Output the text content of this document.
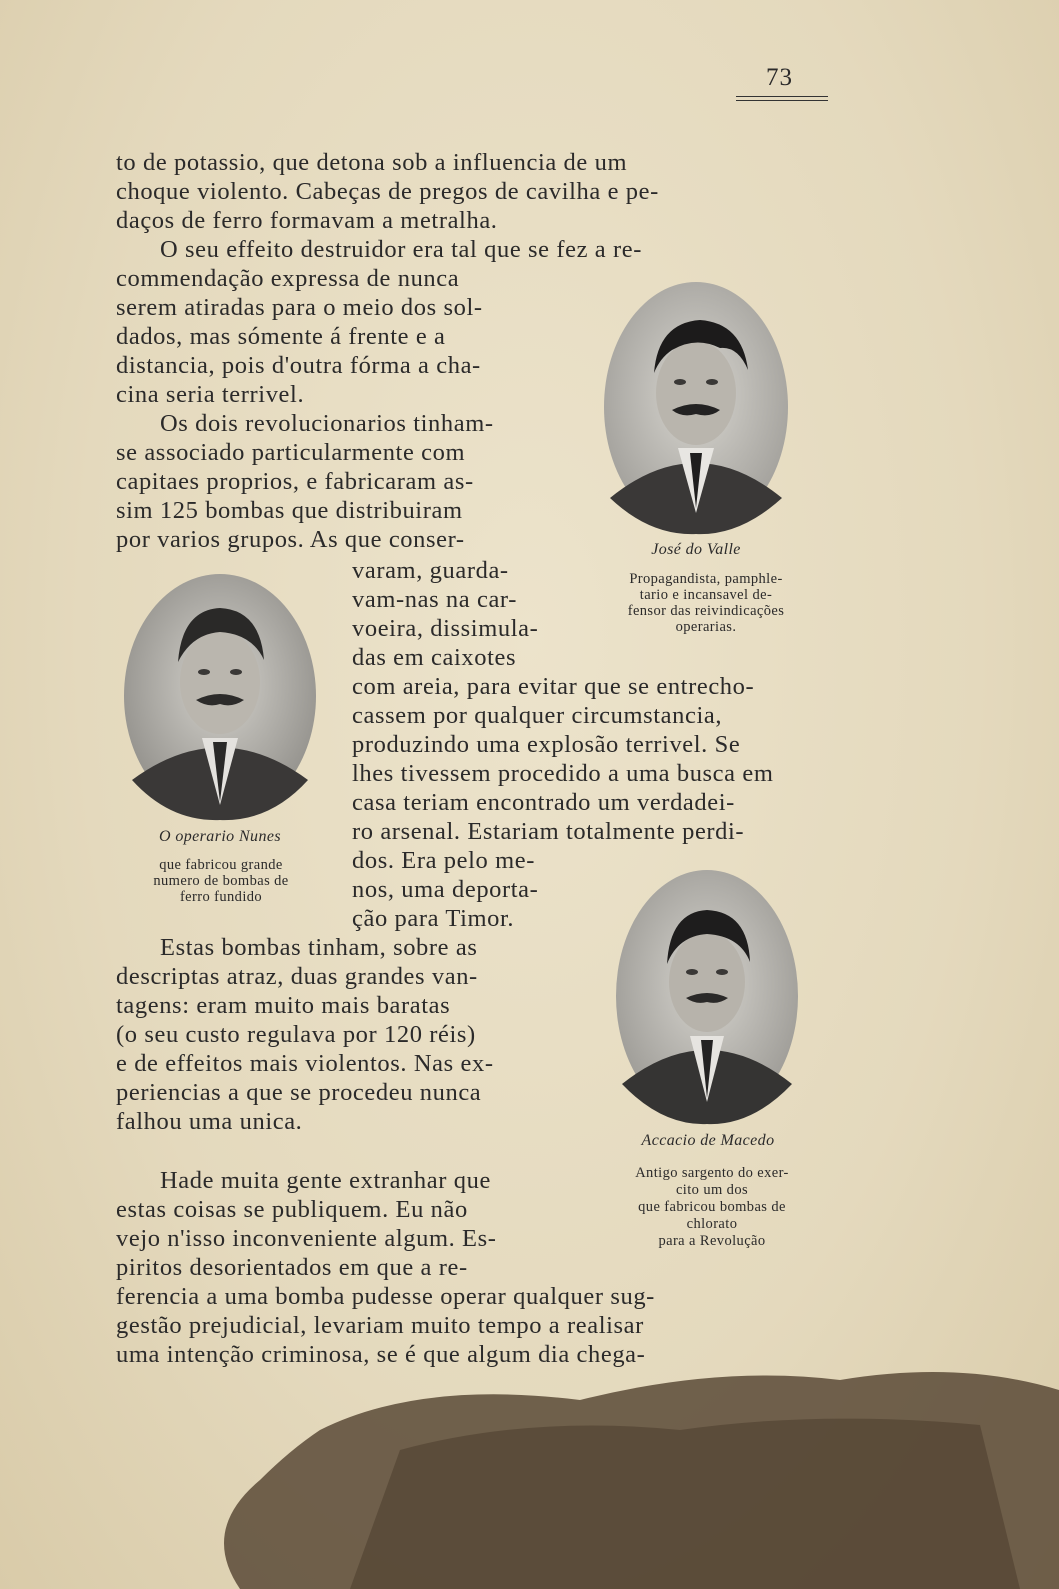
73
to de potassio, que detona sob a influencia de um
choque violento. Cabeças de pregos de cavilha e pe-
daços de ferro formavam a metralha.
O seu effeito destruidor era tal que se fez a re-
commendação expressa de nunca
serem atiradas para o meio dos sol-
dados, mas sómente á frente e a
distancia, pois d'outra fórma a cha-
cina seria terrivel.
Os dois revolucionarios tinham-
se associado particularmente com
capitaes proprios, e fabricaram as-
sim 125 bombas que distribuiram
por varios grupos. As que conser-
varam, guarda-
vam-nas na car-
voeira, dissimula-
das em caixotes
com areia, para evitar que se entrecho-
cassem por qualquer circumstancia,
produzindo uma explosão terrivel. Se
lhes tivessem procedido a uma busca em
casa teriam encontrado um verdadei-
ro arsenal. Estariam totalmente perdi-
dos. Era pelo me-
nos, uma deporta-
ção para Timor.
Estas bombas tinham, sobre as
descriptas atraz, duas grandes van-
tagens: eram muito mais baratas
(o seu custo regulava por 120 réis)
e de effeitos mais violentos. Nas ex-
periencias a que se procedeu nunca
falhou uma unica.
Hade muita gente extranhar que
estas coisas se publiquem. Eu não
vejo n'isso inconveniente algum. Es-
piritos desorientados em que a re-
ferencia a uma bomba pudesse operar qualquer sug-
gestão prejudicial, levariam muito tempo a realisar
uma intenção criminosa, se é que algum dia chega-
José do Valle
Propagandista, pamphle-
tario e incansavel de-
fensor das reivindicações
operarias.
O operario Nunes
que fabricou grande
numero de bombas de
ferro fundido
Accacio de Macedo
Antigo sargento do exer-
cito um dos
que fabricou bombas de
chlorato
para a Revolução
